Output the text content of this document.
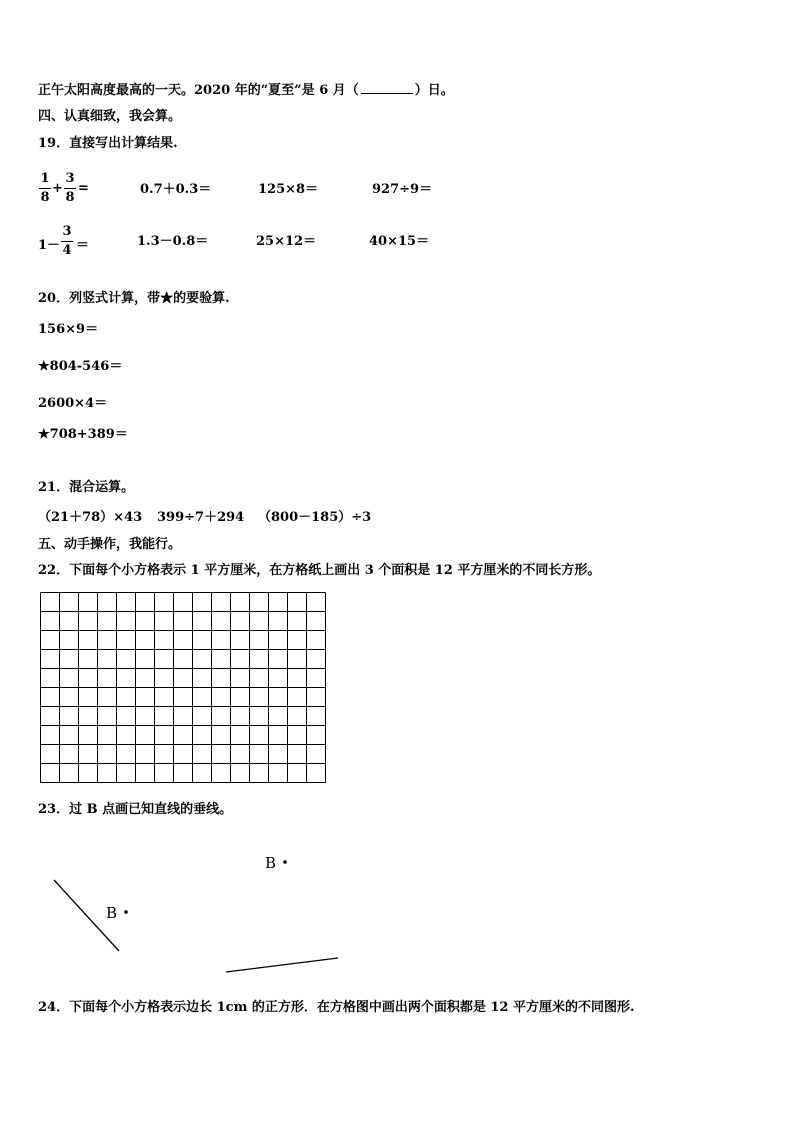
正午太阳高度最高的一天。2020 年的“夏至”是 6 月（	）日。
四、认真细致，我会算。
19．直接写出计算结果.
1
8
+
3
8
=	0.7＋0.3＝	125×8＝	927÷9＝
1－
3
4 ＝	1.3－0.8＝	25×12＝	40×15＝
20．列竖式计算，带★的要验算.
156×9＝
★804-546＝
2600×4＝
★708+389＝
21．混合运算。
（21＋78）×43 399÷7＋294 （800－185）÷3
五、动手操作，我能行。
22．下面每个小方格表示 1 平方厘米，在方格纸上画出 3 个面积是 12 平方厘米的不同长方形。
23．过 B 点画已知直线的垂线。
B
B
24．下面每个小方格表示边长 1cm 的正方形．在方格图中画出两个面积都是 12 平方厘米的不同图形.
